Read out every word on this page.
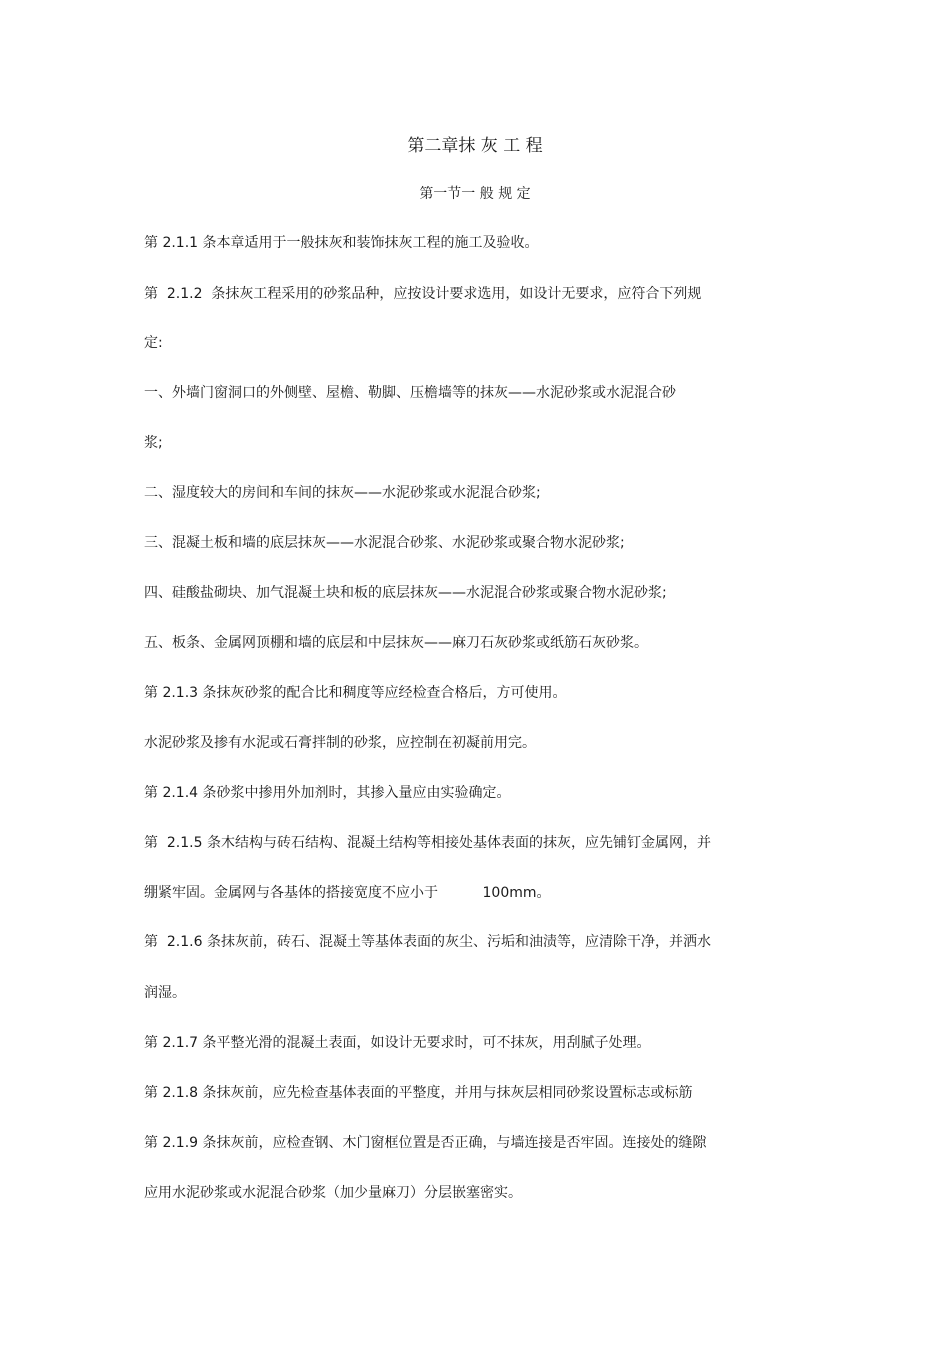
第二章抹 灰 工 程
第一节一 般 规 定
第 2.1.1 条本章适用于一般抹灰和装饰抹灰工程的施工及验收。
第  2.1.2  条抹灰工程采用的砂浆品种，应按设计要求选用，如设计无要求，应符合下列规
定:
一、外墙门窗洞口的外侧壁、屋檐、勒脚、压檐墙等的抹灰——水泥砂浆或水泥混合砂
浆;
二、湿度较大的房间和车间的抹灰——水泥砂浆或水泥混合砂浆;
三、混凝土板和墙的底层抹灰——水泥混合砂浆、水泥砂浆或聚合物水泥砂浆;
四、硅酸盐砌块、加气混凝土块和板的底层抹灰——水泥混合砂浆或聚合物水泥砂浆;
五、板条、金属网顶棚和墙的底层和中层抹灰——麻刀石灰砂浆或纸筋石灰砂浆。
第 2.1.3 条抹灰砂浆的配合比和稠度等应经检查合格后，方可使用。
水泥砂浆及掺有水泥或石膏拌制的砂浆，应控制在初凝前用完。
第 2.1.4 条砂浆中掺用外加剂时，其掺入量应由实验确定。
第  2.1.5 条木结构与砖石结构、混凝土结构等相接处基体表面的抹灰，应先铺钉金属网，并
绷紧牢固。金属网与各基体的搭接宽度不应小于          100mm。
第  2.1.6 条抹灰前，砖石、混凝土等基体表面的灰尘、污垢和油渍等，应清除干净，并洒水
润湿。
第 2.1.7 条平整光滑的混凝土表面，如设计无要求时，可不抹灰，用刮腻子处理。
第 2.1.8 条抹灰前，应先检查基体表面的平整度，并用与抹灰层相同砂浆设置标志或标筋
第 2.1.9 条抹灰前，应检查钢、木门窗框位置是否正确，与墙连接是否牢固。连接处的缝隙
应用水泥砂浆或水泥混合砂浆（加少量麻刀）分层嵌塞密实。
